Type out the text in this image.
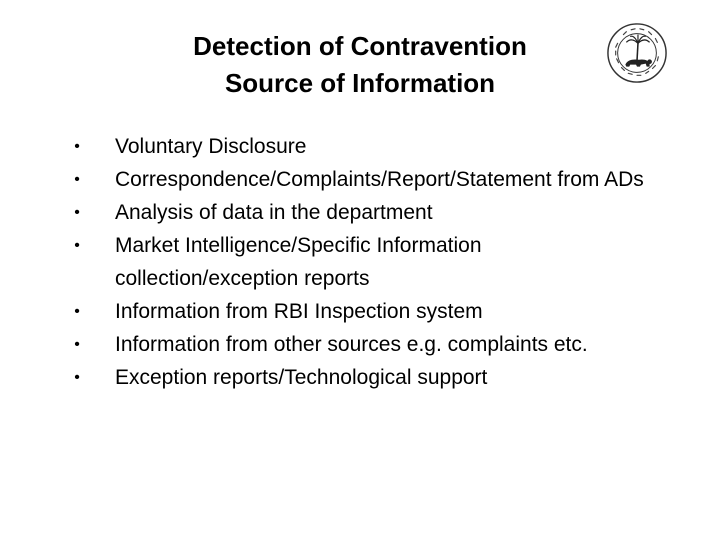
Detection of Contravention
Source of Information
• Voluntary Disclosure
• Correspondence/Complaints/Report/Statement from ADs
• Analysis of data in the department
• Market Intelligence/Specific Information collection/exception reports
• Information from RBI Inspection system
• Information from other sources e.g. complaints etc.
• Exception reports/Technological support
